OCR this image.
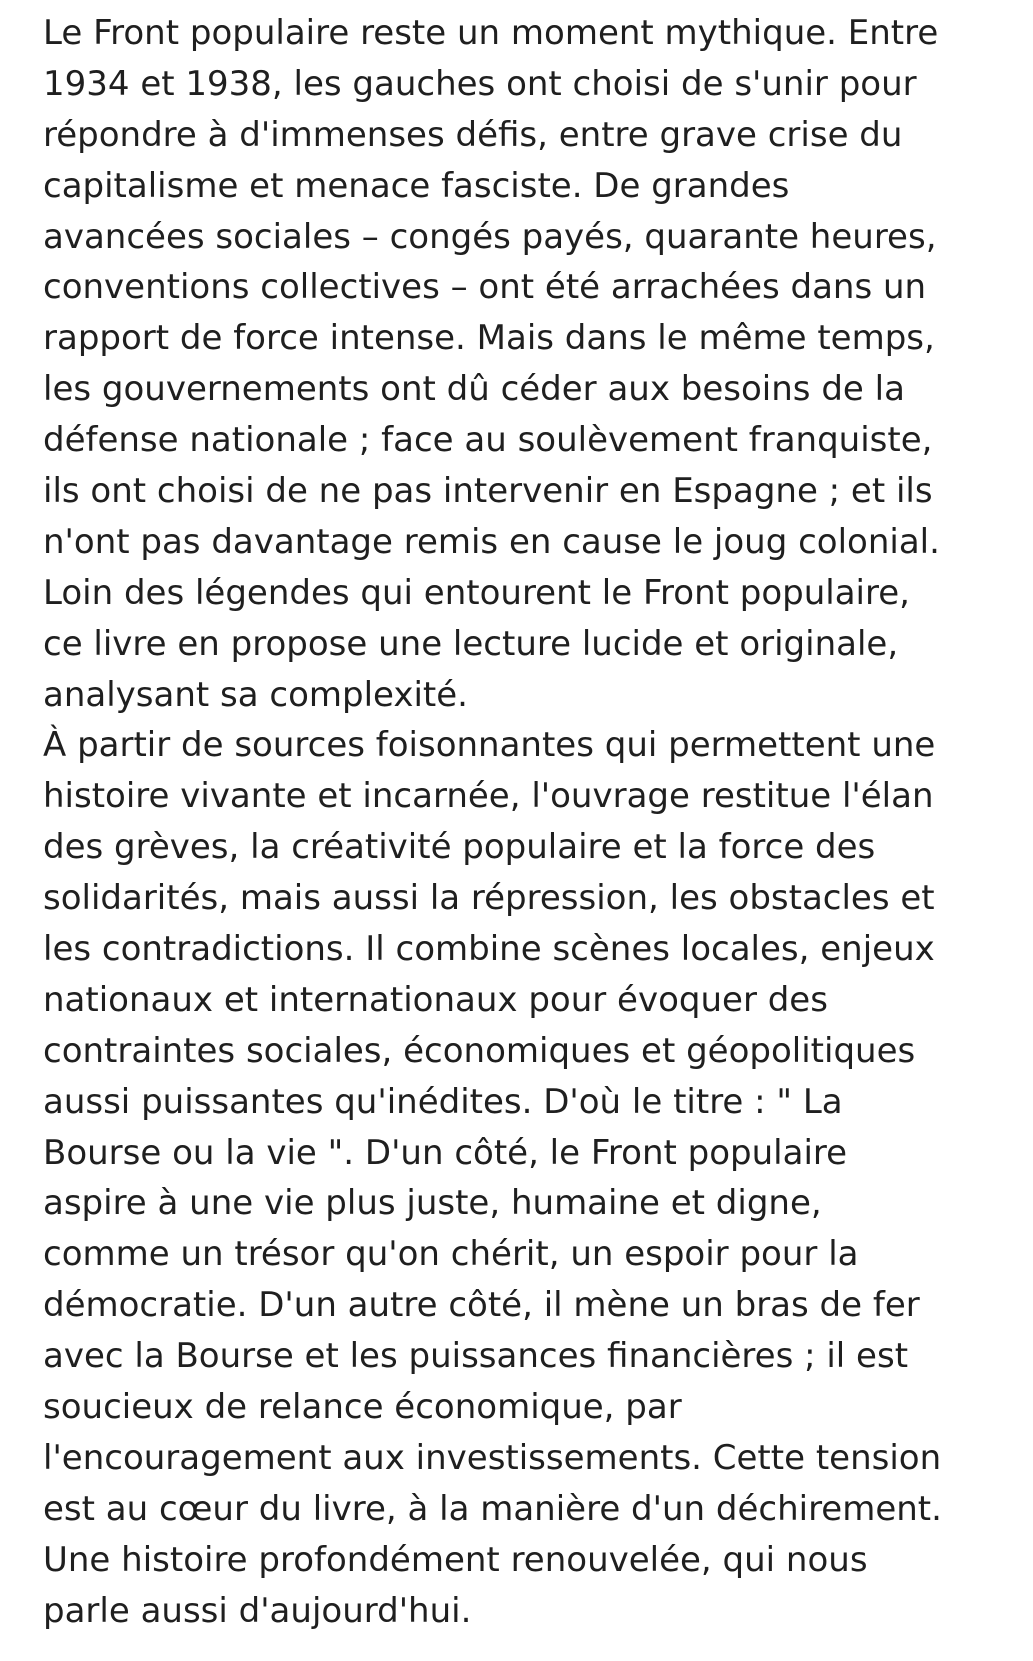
Le Front populaire reste un moment mythique. Entre
1934 et 1938, les gauches ont choisi de s'unir pour
répondre à d'immenses défis, entre grave crise du
capitalisme et menace fasciste. De grandes
avancées sociales – congés payés, quarante heures,
conventions collectives – ont été arrachées dans un
rapport de force intense. Mais dans le même temps,
les gouvernements ont dû céder aux besoins de la
défense nationale ; face au soulèvement franquiste,
ils ont choisi de ne pas intervenir en Espagne ; et ils
n'ont pas davantage remis en cause le joug colonial.
Loin des légendes qui entourent le Front populaire,
ce livre en propose une lecture lucide et originale,
analysant sa complexité.
À partir de sources foisonnantes qui permettent une
histoire vivante et incarnée, l'ouvrage restitue l'élan
des grèves, la créativité populaire et la force des
solidarités, mais aussi la répression, les obstacles et
les contradictions. Il combine scènes locales, enjeux
nationaux et internationaux pour évoquer des
contraintes sociales, économiques et géopolitiques
aussi puissantes qu'inédites. D'où le titre : " La
Bourse ou la vie ". D'un côté, le Front populaire
aspire à une vie plus juste, humaine et digne,
comme un trésor qu'on chérit, un espoir pour la
démocratie. D'un autre côté, il mène un bras de fer
avec la Bourse et les puissances financières ; il est
soucieux de relance économique, par
l'encouragement aux investissements. Cette tension
est au cœur du livre, à la manière d'un déchirement.
Une histoire profondément renouvelée, qui nous
parle aussi d'aujourd'hui.
